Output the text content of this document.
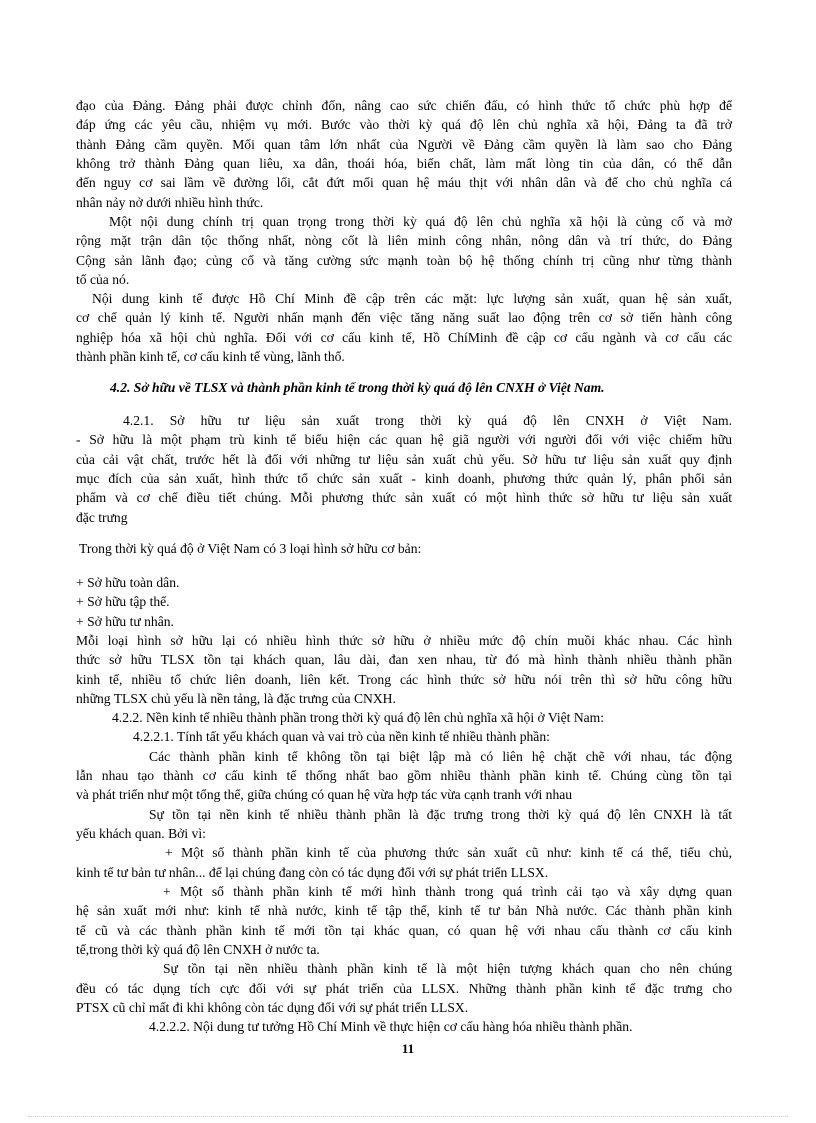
đạo của Đảng. Đảng phải được chỉnh đốn, nâng cao sức chiến đấu, có hình thức tổ chức phù hợp để
đáp ứng các yêu cầu, nhiệm vụ mới. Bước vào thời kỳ quá độ lên chủ nghĩa xã hội, Đảng ta đã trở
thành Đảng cầm quyền. Mối quan tâm lớn nhất của Người về Đảng cầm quyền là làm sao cho Đảng
không trở thành Đảng quan liêu, xa dân, thoái hóa, biến chất, làm mất lòng tin của dân, có thể dẫn
đến nguy cơ sai lầm về đường lối, cắt đứt mối quan hệ máu thịt với nhân dân và để cho chủ nghĩa cá
nhân nảy nở dưới nhiều hình thức.
Một nội dung chính trị quan trọng trong thời kỳ quá độ lên chủ nghĩa xã hội là củng cố và mở
rộng mặt trận dân tộc thống nhất, nòng cốt là liên minh công nhân, nông dân và trí thức, do Đảng
Cộng sản lãnh đạo; củng cố và tăng cường sức mạnh toàn bộ hệ thống chính trị cũng như từng thành
tố của nó.
Nội dung kinh tế được Hồ Chí Minh đề cập trên các mặt: lực lượng sản xuất, quan hệ sản xuất,
cơ chế quản lý kinh tế. Người nhấn mạnh đến việc tăng năng suất lao động trên cơ sở tiến hành công
nghiệp hóa xã hội chủ nghĩa. Đối với cơ cấu kinh tế, Hồ ChíMinh đề cập cơ cấu ngành và cơ cấu các
thành phần kinh tế, cơ cấu kinh tế vùng, lãnh thổ.
4.2. Sở hữu về TLSX và thành phần kinh tế trong thời kỳ quá độ lên CNXH ở Việt Nam.
4.2.1. Sở hữu tư liệu sản xuất trong thời kỳ quá độ lên CNXH ở Việt Nam.
- Sở hữu là một phạm trù kinh tế biểu hiện các quan hệ giã người với người đối với việc chiếm hữu
của cải vật chất, trước hết là đối với những tư liệu sản xuất chủ yếu. Sở hữu tư liệu sản xuất quy định
mục đích của sản xuất, hình thức tổ chức sản xuất - kinh doanh, phương thức quản lý, phân phối sản
phẩm và cơ chế điều tiết chúng. Mỗi phương thức sản xuất có một hình thức sở hữu tư liệu sản xuất
đặc trưng
Trong thời kỳ quá độ ở Việt Nam có 3 loại hình sở hữu cơ bản:
+ Sở hữu toàn dân.
+ Sở hữu tập thể.
+ Sở hữu tư nhân.
Mỗi loại hình sở hữu lại có nhiều hình thức sở hữu ở nhiều mức độ chín muồi khác nhau. Các hình
thức sở hữu TLSX tồn tại khách quan, lâu dài, đan xen nhau, từ đó mà hình thành nhiều thành phần
kinh tế, nhiều tổ chức liên doanh, liên kết. Trong các hình thức sở hữu nói trên thì sở hữu công hữu
những TLSX chủ yếu là nền tảng, là đặc trưng của CNXH.
4.2.2. Nền kinh tế nhiều thành phần trong thời kỳ quá độ lên chủ nghĩa xã hội ở Việt Nam:
4.2.2.1. Tính tất yếu khách quan và vai trò của nền kinh tế nhiều thành phần:
Các thành phần kinh tế không tồn tại biệt lập mà có liên hệ chặt chẽ với nhau, tác động
lẫn nhau tạo thành cơ cấu kinh tế thống nhất bao gồm nhiều thành phần kinh tế. Chúng cùng tồn tại
và phát triển như một tổng thể, giữa chúng có quan hệ vừa hợp tác vừa cạnh tranh với nhau
Sự tồn tại nền kinh tế nhiều thành phần là đặc trưng trong thời kỳ quá độ lên CNXH là tất
yếu khách quan. Bởi vì:
+ Một số thành phần kinh tế của phương thức sản xuất cũ như: kinh tế cá thể, tiểu chủ,
kinh tế tư bản tư nhân... để lại chúng đang còn có tác dụng đối với sự phát triển LLSX.
+ Một số thành phần kinh tế mới hình thành trong quá trình cải tạo và xây dựng quan
hệ sản xuất mới như: kinh tế nhà nước, kinh tế tập thể, kinh tế tư bản Nhà nước. Các thành phần kinh
tế cũ và các thành phần kinh tế mới tồn tại khác quan, có quan hệ với nhau cấu thành cơ cấu kinh
tế,trong thời kỳ quá độ lên CNXH ở nước ta.
Sự tồn tại nền nhiều thành phần kinh tế là một hiện tượng khách quan cho nên chúng
đều có tác dụng tích cực đối với sự phát triển của LLSX. Những thành phần kinh tế đặc trưng cho
PTSX cũ chỉ mất đi khi không còn tác dụng đối với sự phát triển LLSX.
4.2.2.2. Nội dung tư tưởng Hồ Chí Minh về thực hiện cơ cấu hàng hóa nhiều thành phần.
11
